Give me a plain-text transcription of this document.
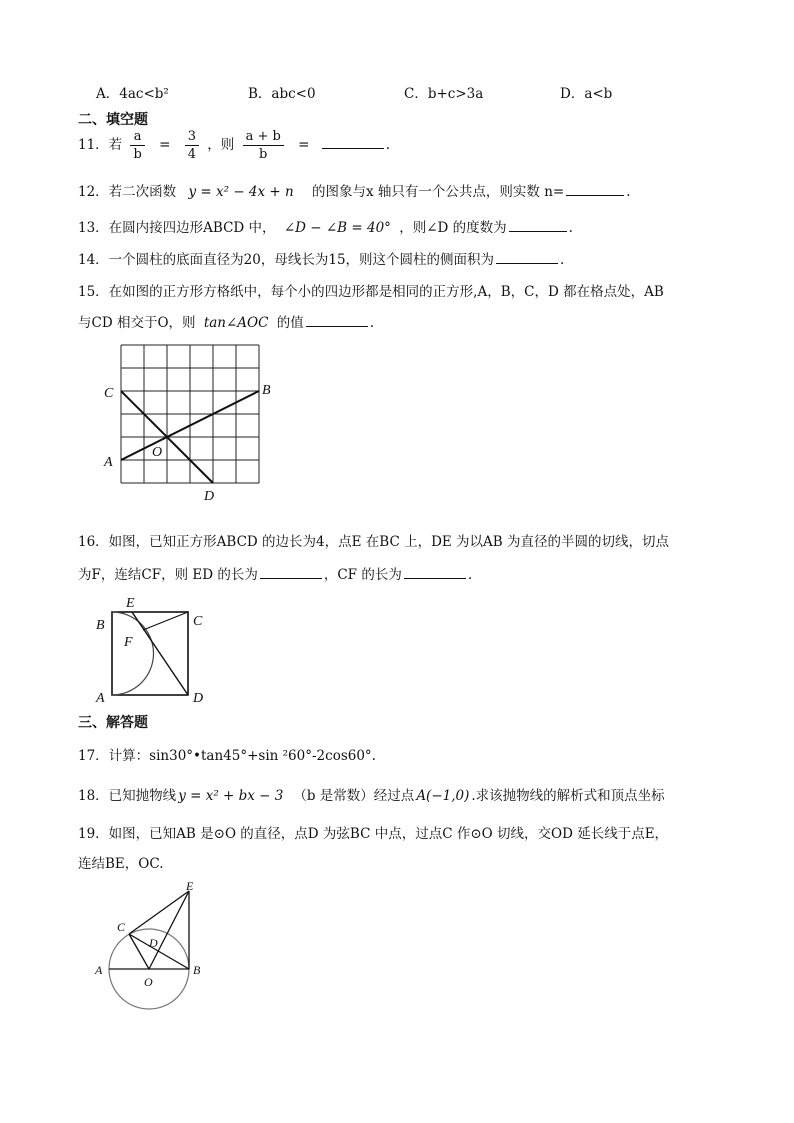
A．4ac<b²	B．abc<0	C．b+c>3a	D．a<b
二、填空题
11．若 $\frac{a}{b} = \frac{3}{4}$ ，则 $\frac{a + b}{b}$ =	.
12．若二次函数 y = x² − 4x + n 的图象与x 轴只有一个公共点，则实数 n=	.
13．在圆内接四边形ABCD 中， ∠D − ∠B = 40° ，则∠D 的度数为	.
14．一个圆柱的底面直径为20，母线长为15，则这个圆柱的侧面积为	.
15．在如图的正方形方格纸中，每个小的四边形都是相同的正方形,A，B，C，D 都在格点处，AB
与CD 相交于O，则 tan∠AOC 的值	.
C	B
A
O
D
16．如图，已知正方形ABCD 的边长为4，点E 在BC 上，DE 为以AB 为直径的半圆的切线，切点
为F，连结CF，则 ED 的长为	，CF 的长为	.
E
B	C
F
A	D
三、解答题
17．计算：sin30°•tan45°+sin ²60°-2cos60°.
18．已知抛物线 y = x² + bx − 3 （b 是常数）经过点 A(−1,0) .求该抛物线的解析式和顶点坐标
19．如图，已知AB 是⊙O 的直径，点D 为弦BC 中点，过点C 作⊙O 切线，交OD 延长线于点E，
连结BE，OC.
E
C
D
A	B
O
